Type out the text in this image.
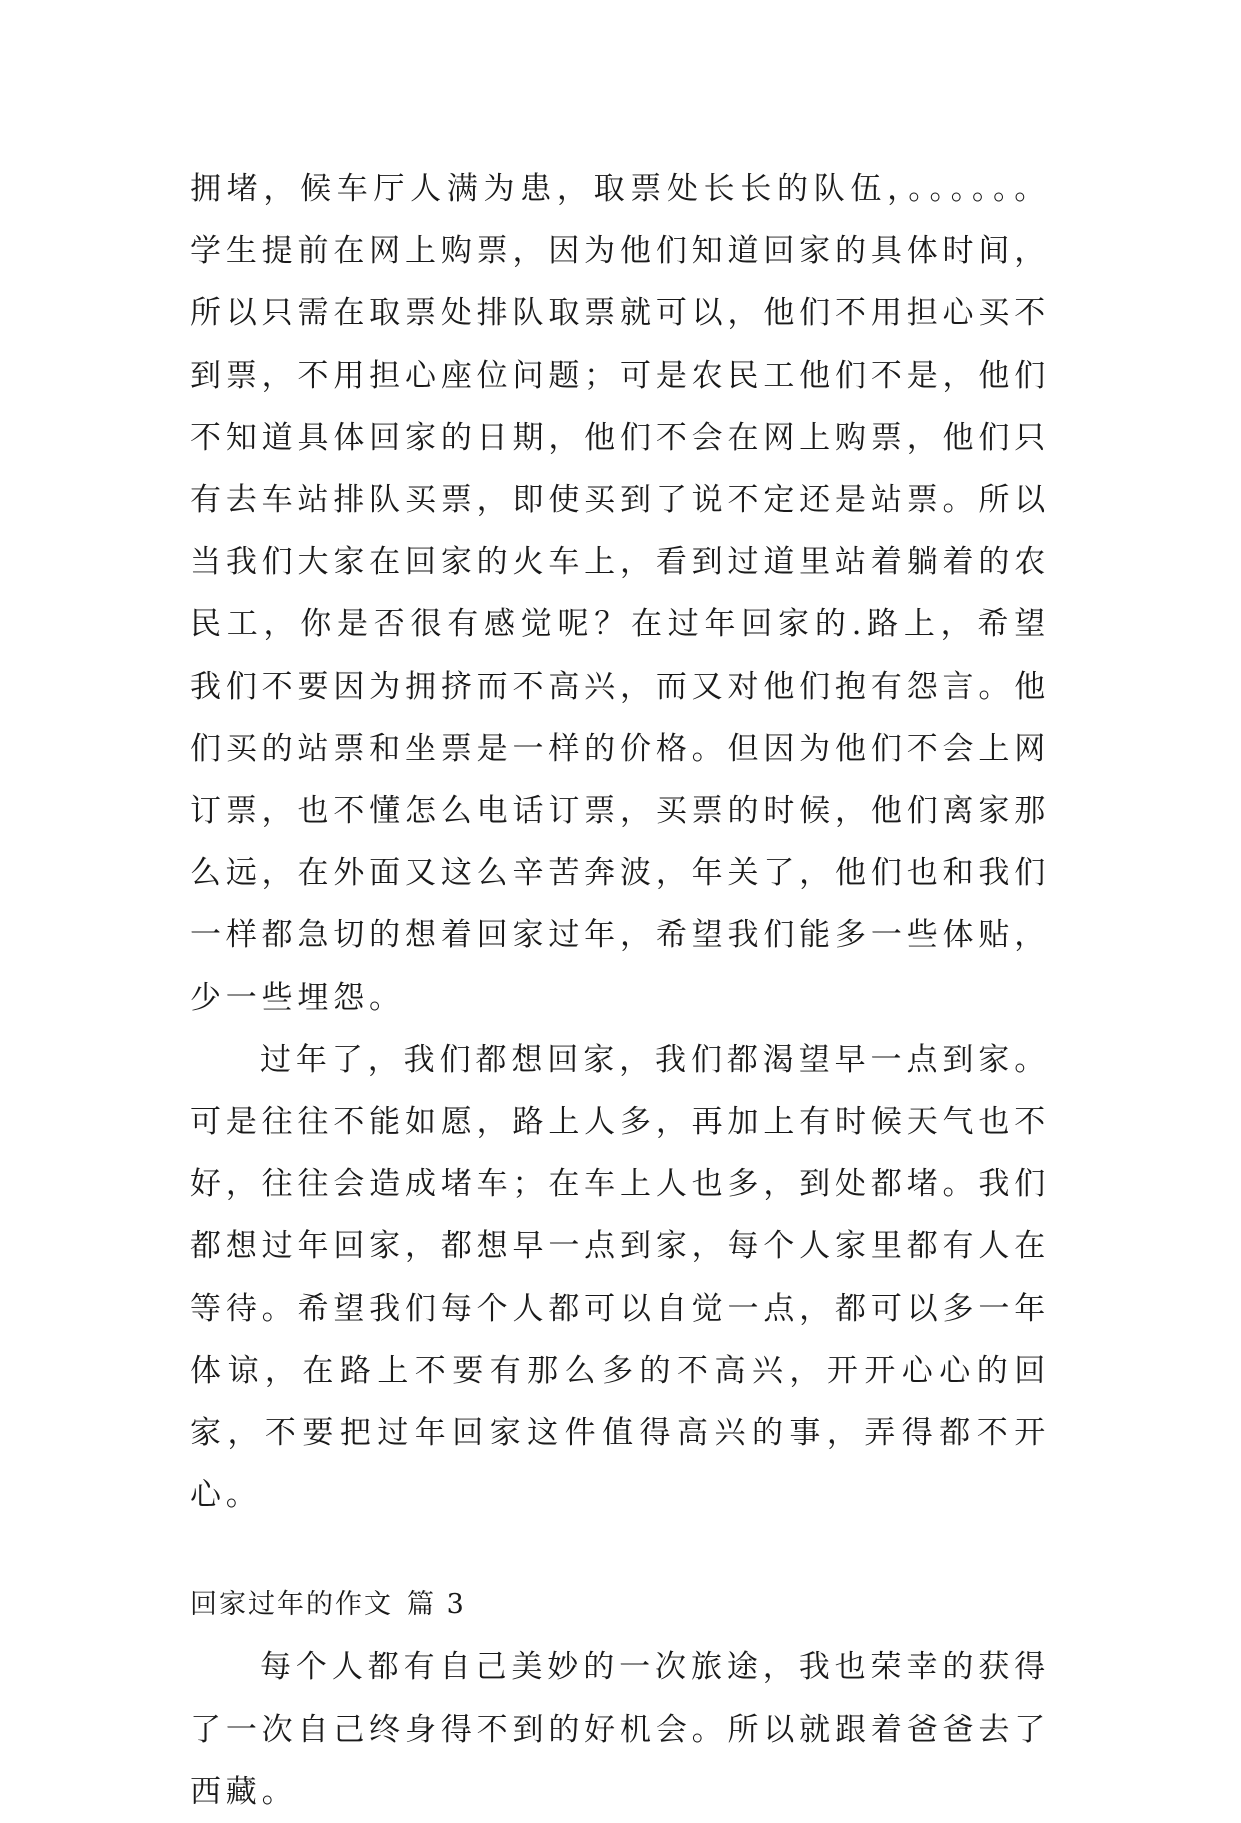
拥堵，候车厅人满为患，取票处长长的队伍，。。。。。。学生提前在网上购票，因为他们知道回家的具体时间，所以只需在取票处排队取票就可以，他们不用担心买不到票，不用担心座位问题；可是农民工他们不是，他们不知道具体回家的日期，他们不会在网上购票，他们只有去车站排队买票，即使买到了说不定还是站票。所以当我们大家在回家的火车上，看到过道里站着躺着的农民工，你是否很有感觉呢？在过年回家的.路上，希望我们不要因为拥挤而不高兴，而又对他们抱有怨言。他们买的站票和坐票是一样的价格。但因为他们不会上网订票，也不懂怎么电话订票，买票的时候，他们离家那么远，在外面又这么辛苦奔波，年关了，他们也和我们一样都急切的想着回家过年，希望我们能多一些体贴，少一些埋怨。

过年了，我们都想回家，我们都渴望早一点到家。可是往往不能如愿，路上人多，再加上有时候天气也不好，往往会造成堵车；在车上人也多，到处都堵。我们都想过年回家，都想早一点到家，每个人家里都有人在等待。希望我们每个人都可以自觉一点，都可以多一年体谅，在路上不要有那么多的不高兴，开开心心的回家，不要把过年回家这件值得高兴的事，弄得都不开心。

回家过年的作文 篇 3

每个人都有自己美妙的一次旅途，我也荣幸的获得了一次自己终身得不到的好机会。所以就跟着爸爸去了西藏。
